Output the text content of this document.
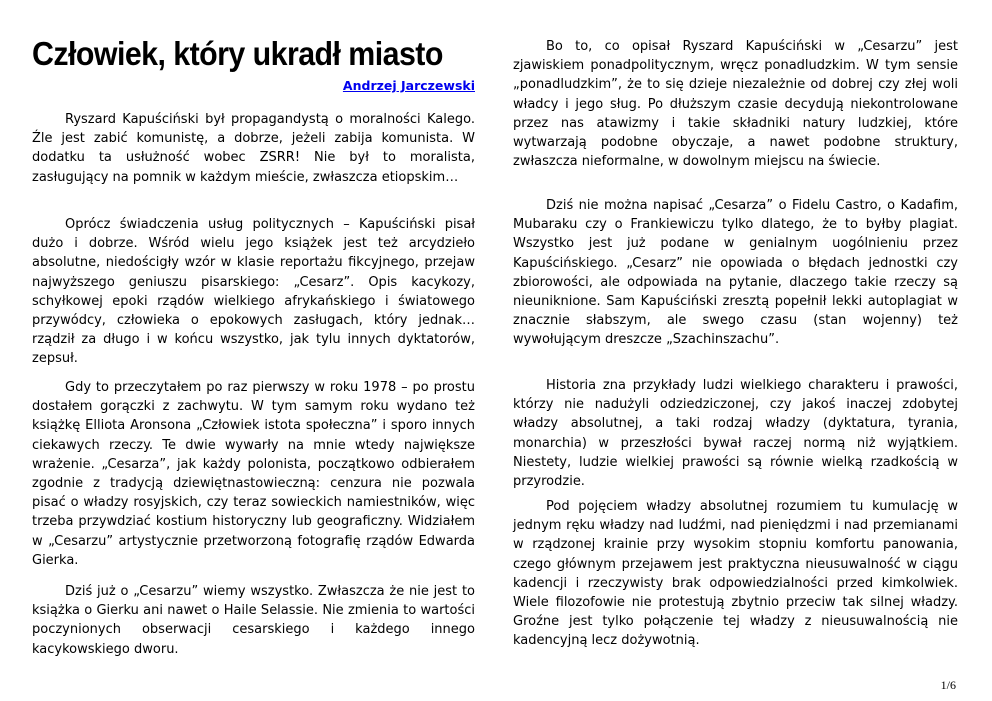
Człowiek, który ukradł miasto
Andrzej Jarczewski

Ryszard Kapuściński był propagandystą o moralności Kalego. Źle jest zabić komunistę, a dobrze, jeżeli zabija komunista. W dodatku ta usłużność wobec ZSRR! Nie był to moralista, zasługujący na pomnik w każdym mieście, zwłaszcza etiopskim…

Oprócz świadczenia usług politycznych – Kapuściński pisał dużo i dobrze. Wśród wielu jego książek jest też arcydzieło absolutne, niedościgły wzór w klasie reportażu fikcyjnego, przejaw najwyższego geniuszu pisarskiego: „Cesarz”. Opis kacykozy, schyłkowej epoki rządów wielkiego afrykańskiego i światowego przywódcy, człowieka o epokowych zasługach, który jednak… rządził za długo i w końcu wszystko, jak tylu innych dyktatorów, zepsuł.

Gdy to przeczytałem po raz pierwszy w roku 1978 – po prostu dostałem gorączki z zachwytu. W tym samym roku wydano też książkę Elliota Aronsona „Człowiek istota społeczna” i sporo innych ciekawych rzeczy. Te dwie wywarły na mnie wtedy największe wrażenie. „Cesarza”, jak każdy polonista, początkowo odbierałem zgodnie z tradycją dziewiętnastowieczną: cenzura nie pozwala pisać o władzy rosyjskich, czy teraz sowieckich namiestników, więc trzeba przywdziać kostium historyczny lub geograficzny. Widziałem w „Cesarzu” artystycznie przetworzoną fotografię rządów Edwarda Gierka.

Dziś już o „Cesarzu” wiemy wszystko. Zwłaszcza że nie jest to książka o Gierku ani nawet o Haile Selassie. Nie zmienia to wartości poczynionych obserwacji cesarskiego i każdego innego kacykowskiego dworu.

Bo to, co opisał Ryszard Kapuściński w „Cesarzu” jest zjawiskiem ponadpolitycznym, wręcz ponadludzkim. W tym sensie „ponadludzkim”, że to się dzieje niezależnie od dobrej czy złej woli władcy i jego sług. Po dłuższym czasie decydują niekontrolowane przez nas atawizmy i takie składniki natury ludzkiej, które wytwarzają podobne obyczaje, a nawet podobne struktury, zwłaszcza nieformalne, w dowolnym miejscu na świecie.

Dziś nie można napisać „Cesarza” o Fidelu Castro, o Kadafim, Mubaraku czy o Frankiewiczu tylko dlatego, że to byłby plagiat. Wszystko jest już podane w genialnym uogólnieniu przez Kapuścińskiego. „Cesarz” nie opowiada o błędach jednostki czy zbiorowości, ale odpowiada na pytanie, dlaczego takie rzeczy są nieuniknione. Sam Kapuściński zresztą popełnił lekki autoplagiat w znacznie słabszym, ale swego czasu (stan wojenny) też wywołującym dreszcze „Szachinszachu”.

Historia zna przykłady ludzi wielkiego charakteru i prawości, którzy nie nadużyli odziedziczonej, czy jakoś inaczej zdobytej władzy absolutnej, a taki rodzaj władzy (dyktatura, tyrania, monarchia) w przeszłości bywał raczej normą niż wyjątkiem. Niestety, ludzie wielkiej prawości są równie wielką rzadkością w przyrodzie.

Pod pojęciem władzy absolutnej rozumiem tu kumulację w jednym ręku władzy nad ludźmi, nad pieniędzmi i nad przemianami w rządzonej krainie przy wysokim stopniu komfortu panowania, czego głównym przejawem jest praktyczna nieusuwalność w ciągu kadencji i rzeczywisty brak odpowiedzialności przed kimkolwiek. Wiele filozofowie nie protestują zbytnio przeciw tak silnej władzy. Groźne jest tylko połączenie tej władzy z nieusuwalnością nie kadencyjną lecz dożywotnią.

1/6
